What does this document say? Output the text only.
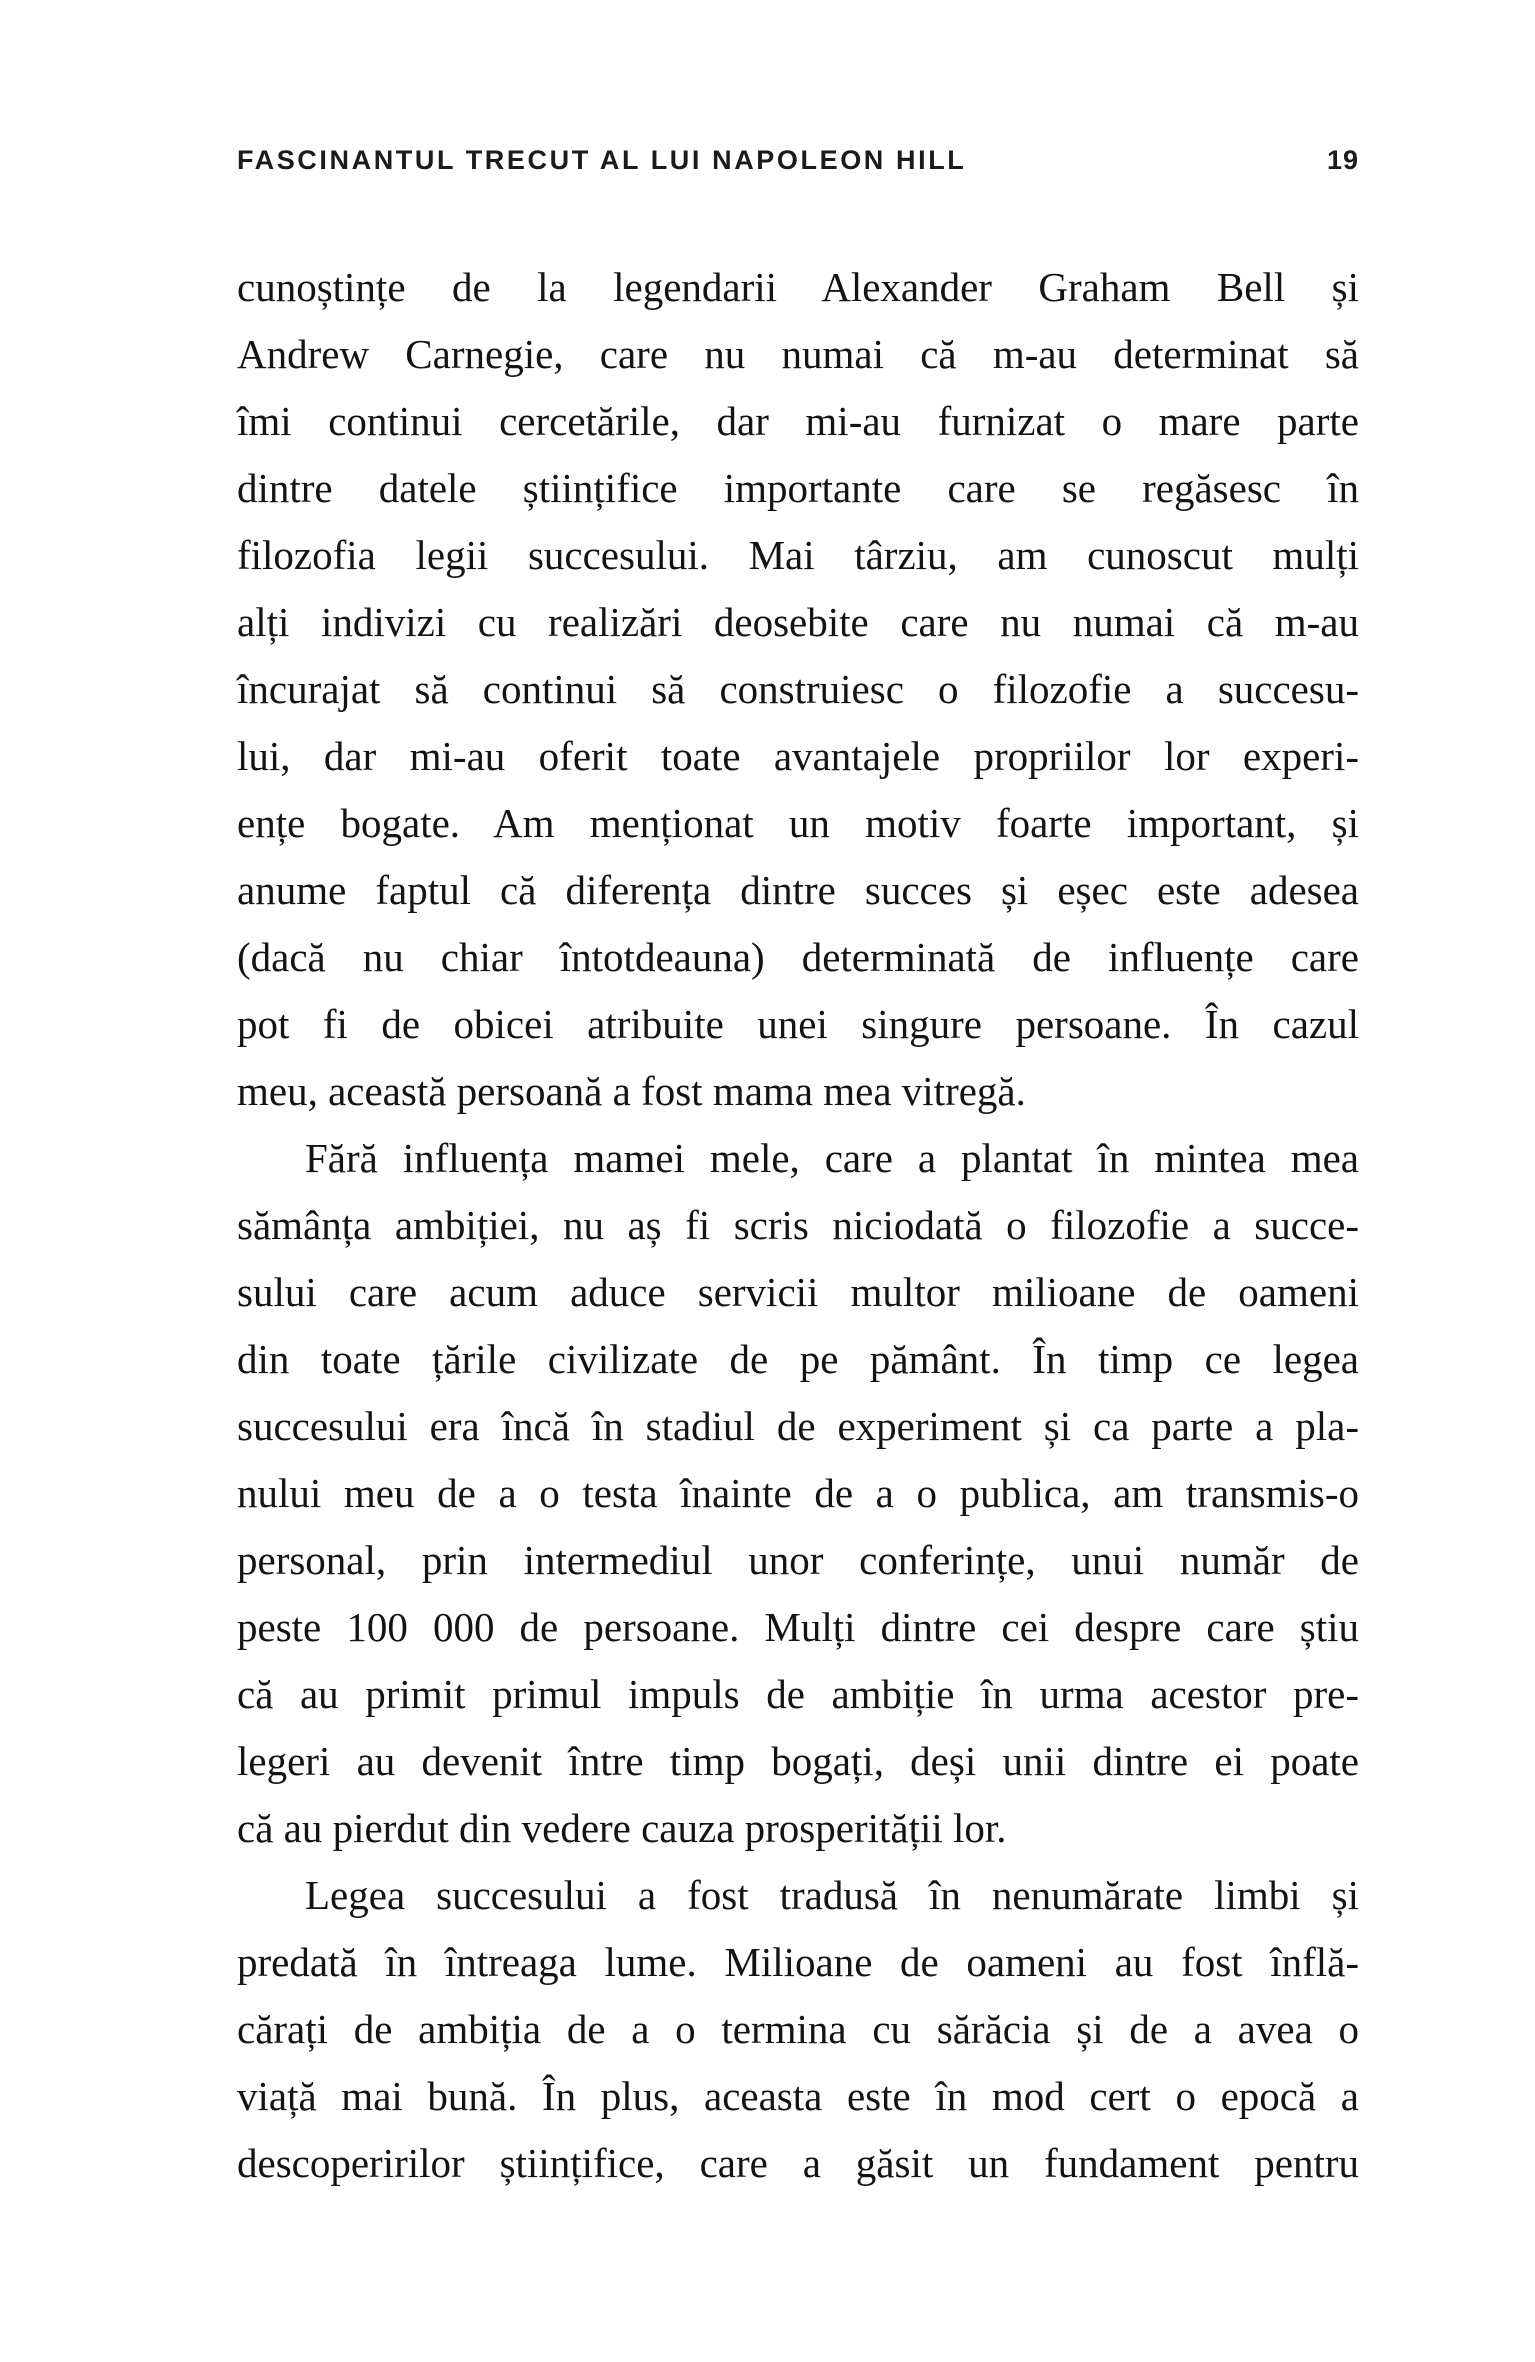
FASCINANTUL TRECUT AL LUI NAPOLEON HILL	19

cunoștințe de la legendarii Alexander Graham Bell și
Andrew Carnegie, care nu numai că m-au determinat să
îmi continui cercetările, dar mi-au furnizat o mare parte
dintre datele științifice importante care se regăsesc în
filozofia legii succesului. Mai târziu, am cunoscut mulți
alți indivizi cu realizări deosebite care nu numai că m-au
încurajat să continui să construiesc o filozofie a succesu-
lui, dar mi-au oferit toate avantajele propriilor lor experi-
ențe bogate. Am menționat un motiv foarte important, și
anume faptul că diferența dintre succes și eșec este adesea
(dacă nu chiar întotdeauna) determinată de influențe care
pot fi de obicei atribuite unei singure persoane. În cazul
meu, această persoană a fost mama mea vitregă.

Fără influența mamei mele, care a plantat în mintea mea
sămânța ambiției, nu aș fi scris niciodată o filozofie a succe-
sului care acum aduce servicii multor milioane de oameni
din toate țările civilizate de pe pământ. În timp ce legea
succesului era încă în stadiul de experiment și ca parte a pla-
nului meu de a o testa înainte de a o publica, am transmis-o
personal, prin intermediul unor conferințe, unui număr de
peste 100 000 de persoane. Mulți dintre cei despre care știu
că au primit primul impuls de ambiție în urma acestor pre-
legeri au devenit între timp bogați, deși unii dintre ei poate
că au pierdut din vedere cauza prosperității lor.

Legea succesului a fost tradusă în nenumărate limbi și
predată în întreaga lume. Milioane de oameni au fost înflă-
cărați de ambiția de a o termina cu sărăcia și de a avea o
viață mai bună. În plus, aceasta este în mod cert o epocă a
descoperirilor științifice, care a găsit un fundament pentru
